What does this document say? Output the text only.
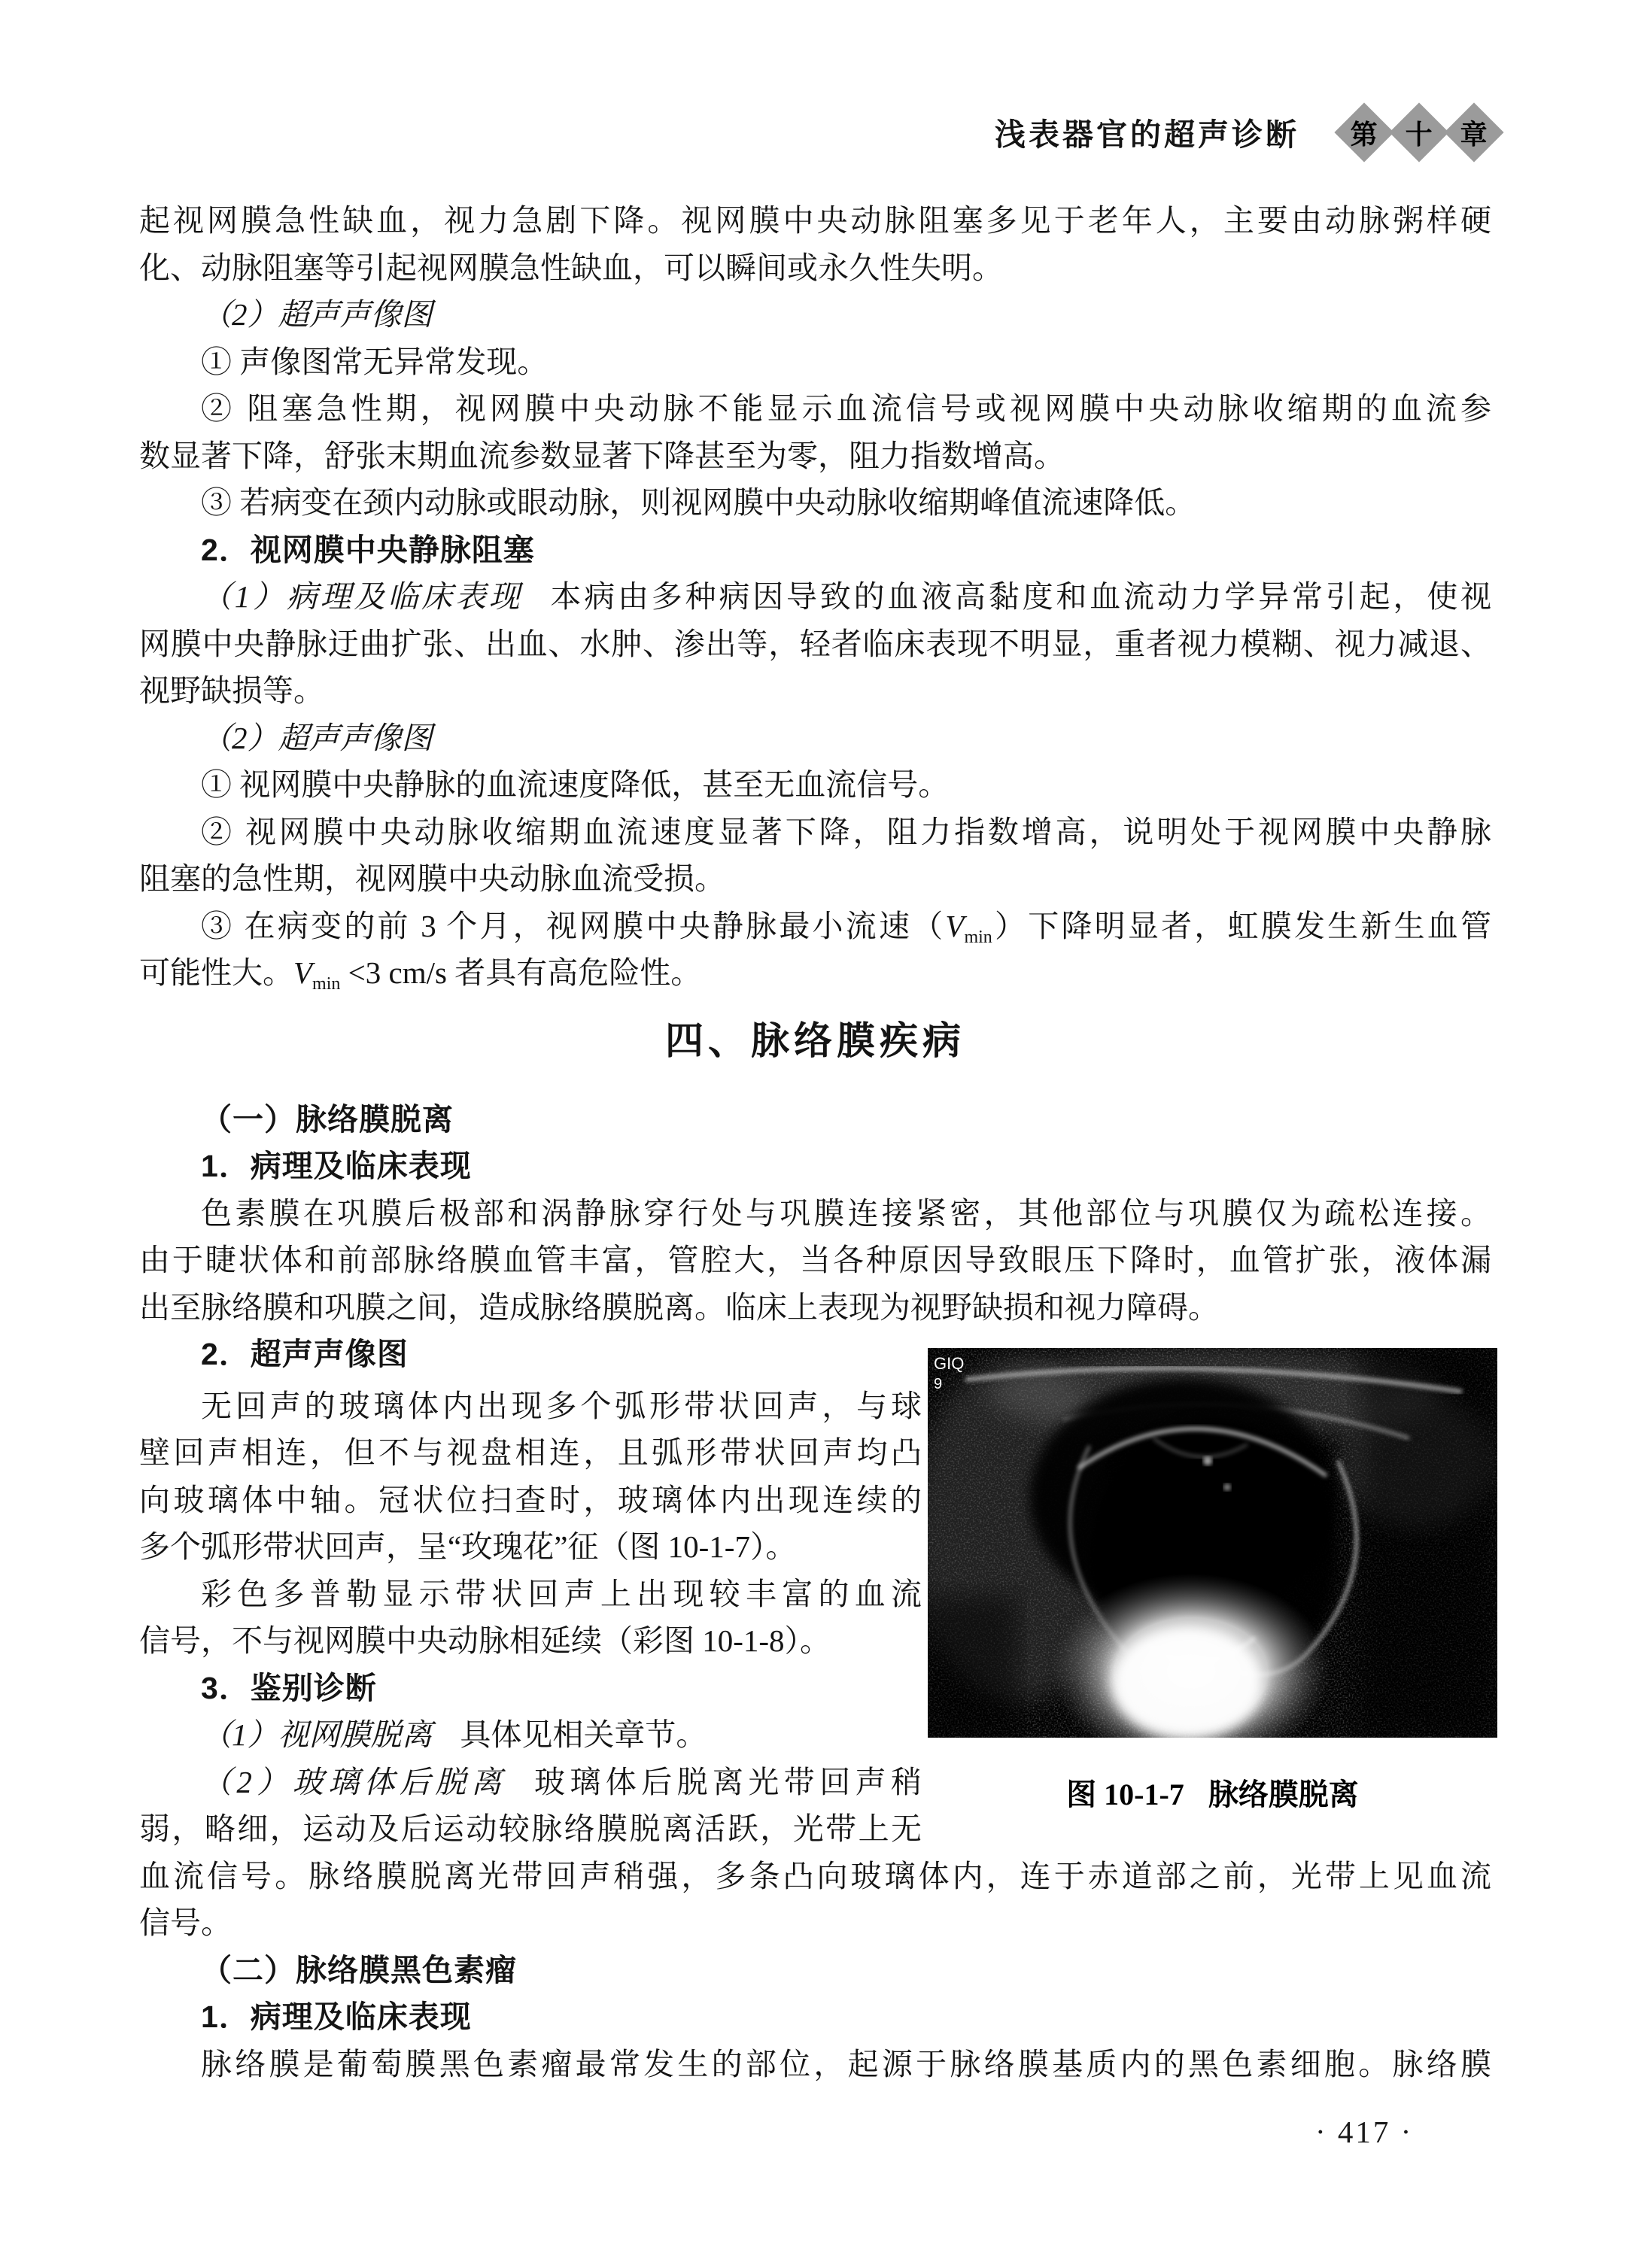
浅表器官的超声诊断 第 十 章
起视网膜急性缺血，视力急剧下降。视网膜中央动脉阻塞多见于老年人，主要由动脉粥样硬
化、动脉阻塞等引起视网膜急性缺血，可以瞬间或永久性失明。
（2）超声声像图
① 声像图常无异常发现。
② 阻塞急性期，视网膜中央动脉不能显示血流信号或视网膜中央动脉收缩期的血流参
数显著下降，舒张末期血流参数显著下降甚至为零，阻力指数增高。
③ 若病变在颈内动脉或眼动脉，则视网膜中央动脉收缩期峰值流速降低。
2．视网膜中央静脉阻塞
（1）病理及临床表现 本病由多种病因导致的血液高黏度和血流动力学异常引起，使视
网膜中央静脉迂曲扩张、出血、水肿、渗出等，轻者临床表现不明显，重者视力模糊、视力减退、
视野缺损等。
（2）超声声像图
① 视网膜中央静脉的血流速度降低，甚至无血流信号。
② 视网膜中央动脉收缩期血流速度显著下降，阻力指数增高，说明处于视网膜中央静脉
阻塞的急性期，视网膜中央动脉血流受损。
③ 在病变的前 3 个月，视网膜中央静脉最小流速$(V_{min})$下降明显者，虹膜发生新生血管
可能性大。$V_{min} <3$ cm/s 者具有高危险性。
四、脉络膜疾病
（一）脉络膜脱离
1．病理及临床表现
色素膜在巩膜后极部和涡静脉穿行处与巩膜连接紧密，其他部位与巩膜仅为疏松连接。
由于睫状体和前部脉络膜血管丰富，管腔大，当各种原因导致眼压下降时，血管扩张，液体漏
出至脉络膜和巩膜之间，造成脉络膜脱离。临床上表现为视野缺损和视力障碍。
2．超声声像图
无回声的玻璃体内出现多个弧形带状回声，与球
壁回声相连，但不与视盘相连，且弧形带状回声均凸
向玻璃体中轴。冠状位扫查时，玻璃体内出现连续的
多个弧形带状回声，呈“玫瑰花”征（图 10-1-7）。
彩色多普勒显示带状回声上出现较丰富的血流
信号，不与视网膜中央动脉相延续（彩图 10-1-8）。
3．鉴别诊断
（1）视网膜脱离 具体见相关章节。
（2）玻璃体后脱离 玻璃体后脱离光带回声稍
弱，略细，运动及后运动较脉络膜脱离活跃，光带上无
血流信号。脉络膜脱离光带回声稍强，多条凸向玻璃体内，连于赤道部之前，光带上见血流
信号。
（二）脉络膜黑色素瘤
1．病理及临床表现
脉络膜是葡萄膜黑色素瘤最常发生的部位，起源于脉络膜基质内的黑色素细胞。脉络膜
GIQ
9
图 10-1-7 脉络膜脱离
· 417 ·
